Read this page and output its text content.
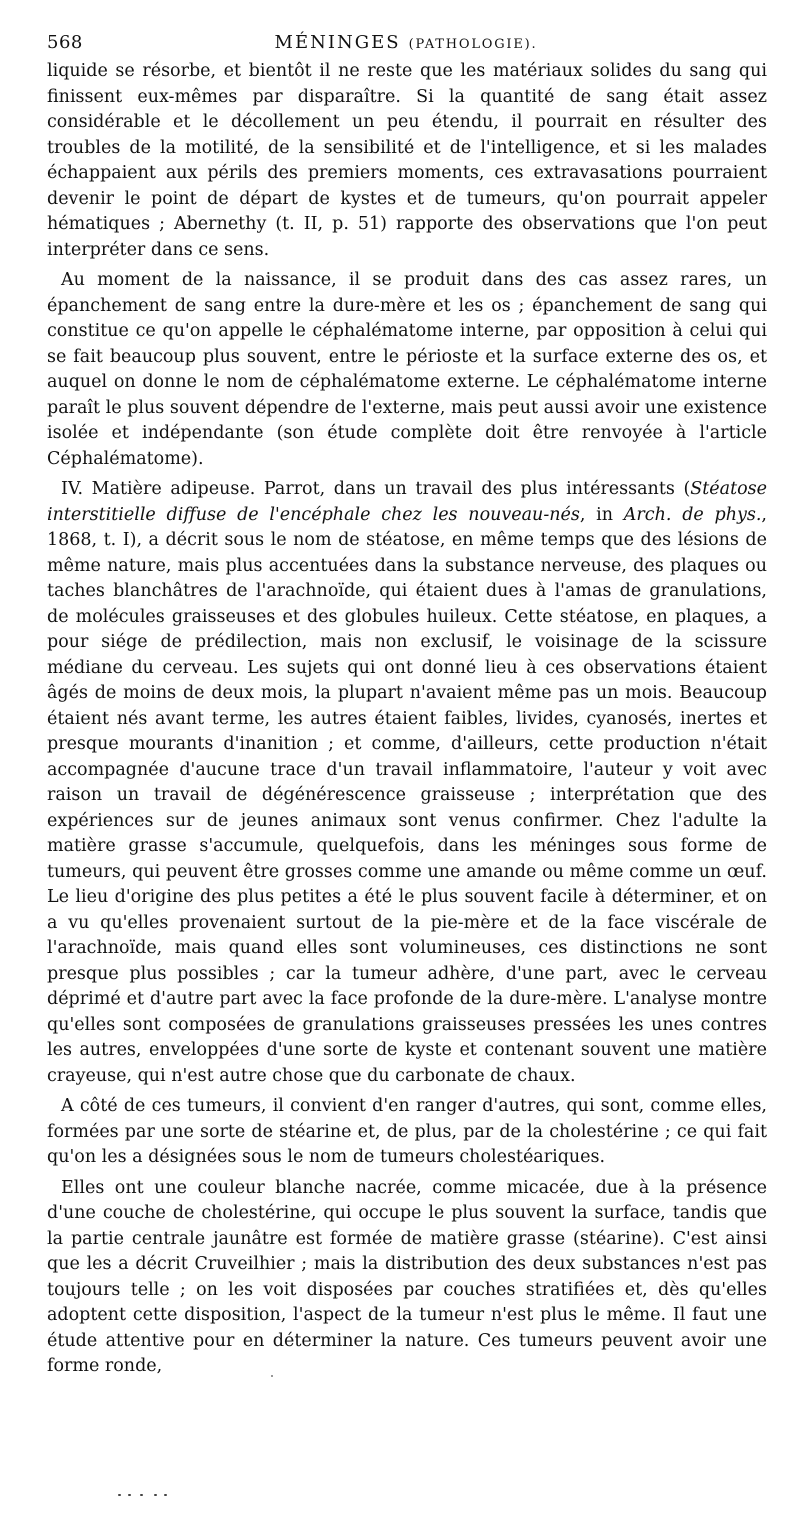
568	MÉNINGES (PATHOLOGIE).

liquide se résorbe, et bientôt il ne reste que les matériaux solides du sang qui finissent eux-mêmes par disparaître. Si la quantité de sang était assez considérable et le décollement un peu étendu, il pourrait en résulter des troubles de la motilité, de la sensibilité et de l'intelligence, et si les malades échappaient aux périls des premiers moments, ces extravasations pourraient devenir le point de départ de kystes et de tumeurs, qu'on pourrait appeler hématiques ; Abernethy (t. II, p. 51) rapporte des observations que l'on peut interpréter dans ce sens.

Au moment de la naissance, il se produit dans des cas assez rares, un épanchement de sang entre la dure-mère et les os ; épanchement de sang qui constitue ce qu'on appelle le céphalématome interne, par opposition à celui qui se fait beaucoup plus souvent, entre le périoste et la surface externe des os, et auquel on donne le nom de céphalématome externe. Le céphalématome interne paraît le plus souvent dépendre de l'externe, mais peut aussi avoir une existence isolée et indépendante (son étude complète doit être renvoyée à l'article Céphalématome).

IV. Matière adipeuse. Parrot, dans un travail des plus intéressants (Stéatose interstitielle diffuse de l'encéphale chez les nouveau-nés, in Arch. de phys., 1868, t. I), a décrit sous le nom de stéatose, en même temps que des lésions de même nature, mais plus accentuées dans la substance nerveuse, des plaques ou taches blanchâtres de l'arachnoïde, qui étaient dues à l'amas de granulations, de molécules graisseuses et des globules huileux. Cette stéatose, en plaques, a pour siége de prédilection, mais non exclusif, le voisinage de la scissure médiane du cerveau. Les sujets qui ont donné lieu à ces observations étaient âgés de moins de deux mois, la plupart n'avaient même pas un mois. Beaucoup étaient nés avant terme, les autres étaient faibles, livides, cyanosés, inertes et presque mourants d'inanition ; et comme, d'ailleurs, cette production n'était accompagnée d'aucune trace d'un travail inflammatoire, l'auteur y voit avec raison un travail de dégénérescence graisseuse ; interprétation que des expériences sur de jeunes animaux sont venus confirmer. Chez l'adulte la matière grasse s'accumule, quelquefois, dans les méninges sous forme de tumeurs, qui peuvent être grosses comme une amande ou même comme un œuf. Le lieu d'origine des plus petites a été le plus souvent facile à déterminer, et on a vu qu'elles provenaient surtout de la pie-mère et de la face viscérale de l'arachnoïde, mais quand elles sont volumineuses, ces distinctions ne sont presque plus possibles ; car la tumeur adhère, d'une part, avec le cerveau déprimé et d'autre part avec la face profonde de la dure-mère. L'analyse montre qu'elles sont composées de granulations graisseuses pressées les unes contres les autres, enveloppées d'une sorte de kyste et contenant souvent une matière crayeuse, qui n'est autre chose que du carbonate de chaux.

A côté de ces tumeurs, il convient d'en ranger d'autres, qui sont, comme elles, formées par une sorte de stéarine et, de plus, par de la cholestérine ; ce qui fait qu'on les a désignées sous le nom de tumeurs cholestéariques.

Elles ont une couleur blanche nacrée, comme micacée, due à la présence d'une couche de cholestérine, qui occupe le plus souvent la surface, tandis que la partie centrale jaunâtre est formée de matière grasse (stéarine). C'est ainsi que les a décrit Cruveilhier ; mais la distribution des deux substances n'est pas toujours telle ; on les voit disposées par couches stratifiées et, dès qu'elles adoptent cette disposition, l'aspect de la tumeur n'est plus le même. Il faut une étude attentive pour en déterminer la nature. Ces tumeurs peuvent avoir une forme ronde,
